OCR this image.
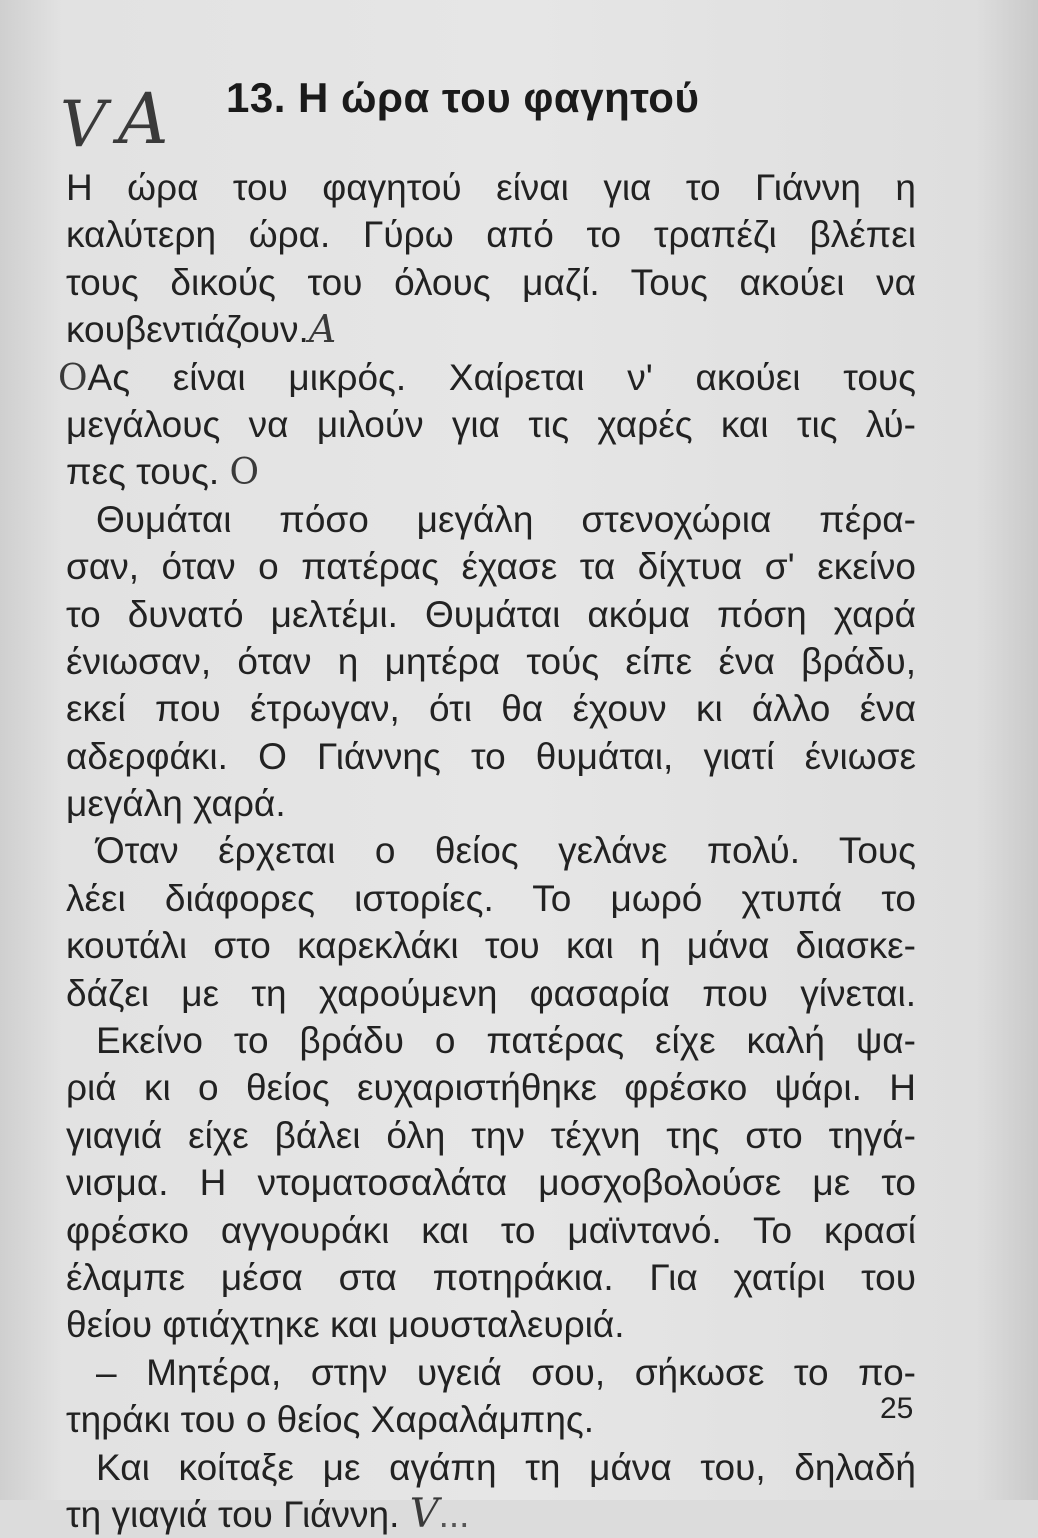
V A 13. Η ώρα του φαγητού
Η ώρα του φαγητού είναι για το Γιάννη η
καλύτερη ώρα. Γύρω από το τραπέζι βλέπει
τους δικούς του όλους μαζί. Τους ακούει να
κουβεντιάζουν.A
OΑς είναι μικρός. Χαίρεται ν' ακούει τους
μεγάλους να μιλούν για τις χαρές και τις λύ-
πες τους. O
Θυμάται πόσο μεγάλη στενοχώρια πέρα-
σαν, όταν ο πατέρας έχασε τα δίχτυα σ' εκείνο
το δυνατό μελτέμι. Θυμάται ακόμα πόση χαρά
ένιωσαν, όταν η μητέρα τούς είπε ένα βράδυ,
εκεί που έτρωγαν, ότι θα έχουν κι άλλο ένα
αδερφάκι. Ο Γιάννης το θυμάται, γιατί ένιωσε
μεγάλη χαρά.
Όταν έρχεται ο θείος γελάνε πολύ. Τους
λέει διάφορες ιστορίες. Το μωρό χτυπά το
κουτάλι στο καρεκλάκι του και η μάνα διασκε-
δάζει με τη χαρούμενη φασαρία που γίνεται.
Εκείνο το βράδυ ο πατέρας είχε καλή ψα-
ριά κι ο θείος ευχαριστήθηκε φρέσκο ψάρι. Η
γιαγιά είχε βάλει όλη την τέχνη της στο τηγά-
νισμα. Η ντοματοσαλάτα μοσχοβολούσε με το
φρέσκο αγγουράκι και το μαϊντανό. Το κρασί
έλαμπε μέσα στα ποτηράκια. Για χατίρι του
θείου φτιάχτηκε και μουσταλευριά.
– Μητέρα, στην υγειά σου, σήκωσε το πο-
τηράκι του ο θείος Χαραλάμπης.
Και κοίταξε με αγάπη τη μάνα του, δηλαδή
τη γιαγιά του Γιάννη. V...
25
